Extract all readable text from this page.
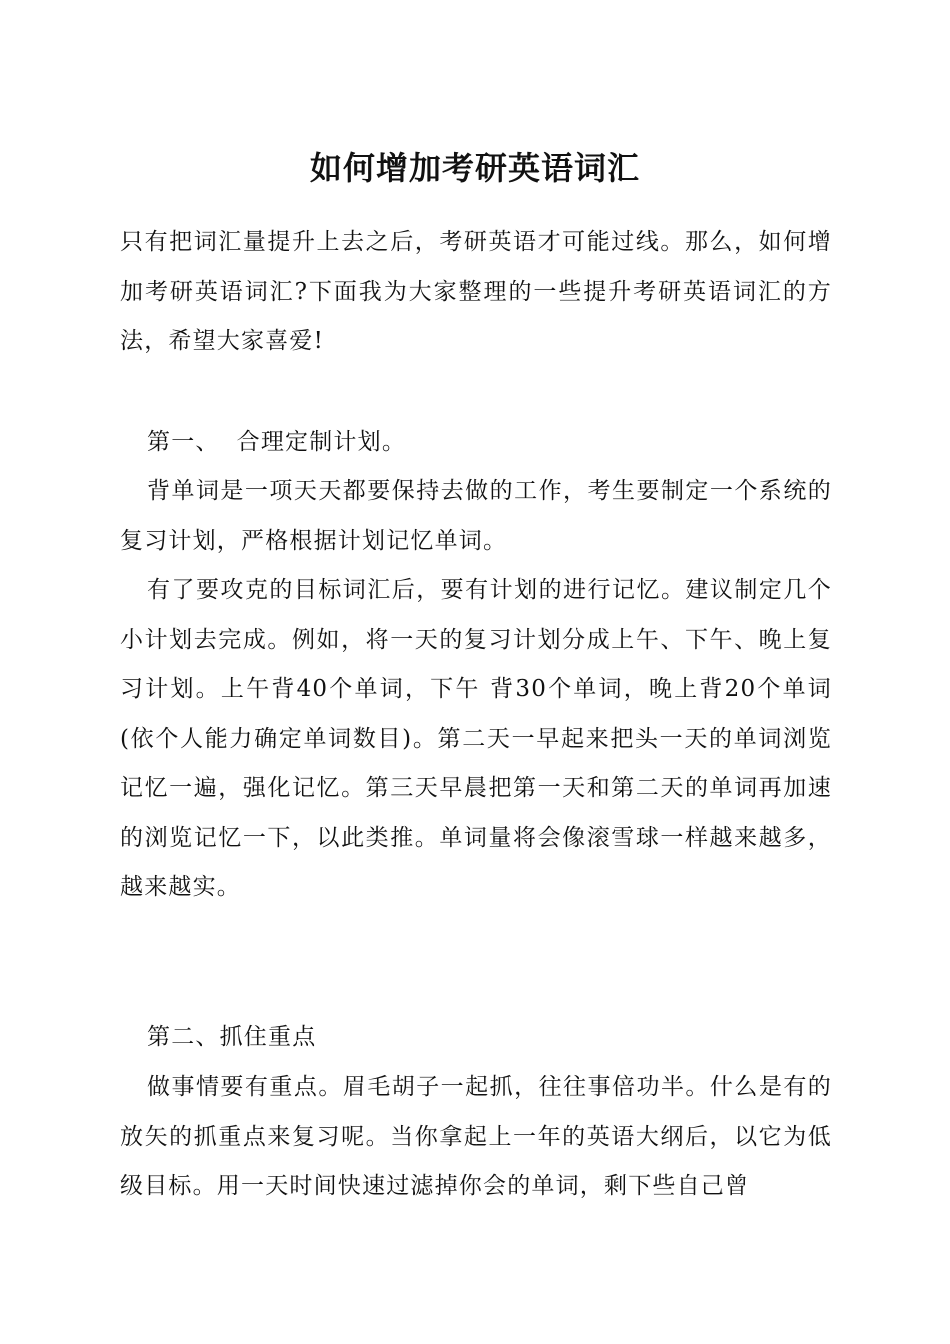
如何增加考研英语词汇
只有把词汇量提升上去之后，考研英语才可能过线。那么，如何增加考研英语词汇?下面我为大家整理的一些提升考研英语词汇的方法，希望大家喜爱!
第一、  合理定制计划。
背单词是一项天天都要保持去做的工作，考生要制定一个系统的复习计划，严格根据计划记忆单词。
有了要攻克的目标词汇后，要有计划的进行记忆。建议制定几个小计划去完成。例如，将一天的复习计划分成上午、下午、晚上复习计划。上午背40个单词，下午 背30个单词，晚上背20个单词(依个人能力确定单词数目)。第二天一早起来把头一天的单词浏览记忆一遍，强化记忆。第三天早晨把第一天和第二天的单词再加速的浏览记忆一下，以此类推。单词量将会像滚雪球一样越来越多，越来越实。
第二、抓住重点
做事情要有重点。眉毛胡子一起抓，往往事倍功半。什么是有的放矢的抓重点来复习呢。当你拿起上一年的英语大纲后，以它为低级目标。用一天时间快速过滤掉你会的单词，剩下些自己曾
